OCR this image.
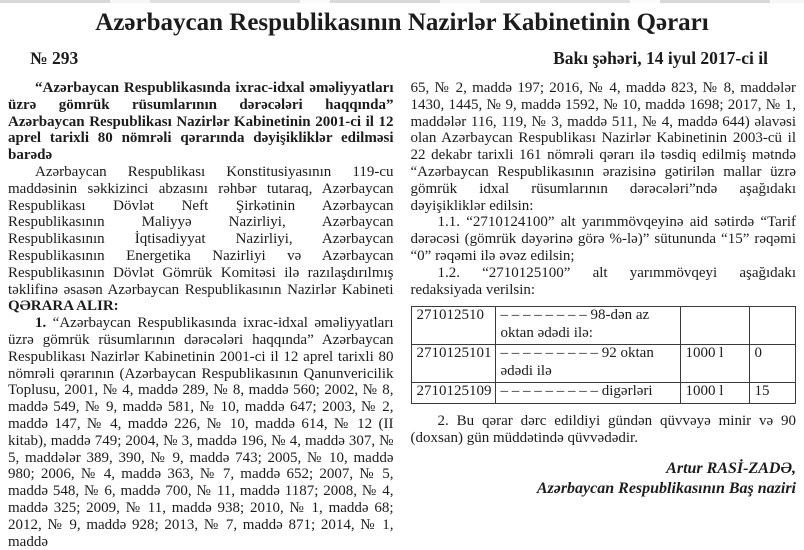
Azərbaycan Respublikasının Nazirlər Kabinetinin Qərarı
№ 293	Bakı şəhəri, 14 iyul 2017-ci il

“Azərbaycan Respublikasında ixrac-idxal əməliyyatları üzrə gömrük rüsumlarının dərəcələri haqqında” Azərbaycan Respublikası Nazirlər Kabinetinin 2001-ci il 12 aprel tarixli 80 nömrəli qərarında dəyişikliklər edilməsi barədə

Azərbaycan Respublikası Konstitusiyasının 119-cu maddəsinin səkkizinci abzasını rəhbər tutaraq, Azərbaycan Respublikası Dövlət Neft Şirkətinin Azərbaycan Respublikasının Maliyyə Nazirliyi, Azərbaycan Respublikasının İqtisadiyyat Nazirliyi, Azərbaycan Respublikasının Energetika Nazirliyi və Azərbaycan Respublikasının Dövlət Gömrük Komitəsi ilə razılaşdırılmış təklifinə əsasən Azərbaycan Respublikasının Nazirlər Kabineti QƏRARA ALIR:

1. “Azərbaycan Respublikasında ixrac-idxal əməliyyatları üzrə gömrük rüsumlarının dərəcələri haqqında” Azərbaycan Respublikası Nazirlər Kabinetinin 2001-ci il 12 aprel tarixli 80 nömrəli qərarının (Azərbaycan Respublikasının Qanunvericilik Toplusu, 2001, № 4, maddə 289, № 8, maddə 560; 2002, № 8, maddə 549, № 9, maddə 581, № 10, maddə 647; 2003, № 2, maddə 147, № 4, maddə 226, № 10, maddə 614, № 12 (II kitab), maddə 749; 2004, № 3, maddə 196, № 4, maddə 307, № 5, maddələr 389, 390, № 9, maddə 743; 2005, № 10, maddə 980; 2006, № 4, maddə 363, № 7, maddə 652; 2007, № 5, maddə 548, № 6, maddə 700, № 11, maddə 1187; 2008, № 4, maddə 325; 2009, № 11, maddə 938; 2010, № 1, maddə 68; 2012, № 9, maddə 928; 2013, № 7, maddə 871; 2014, № 1, maddə

65, № 2, maddə 197; 2016, № 4, maddə 823, № 8, maddələr 1430, 1445, № 9, maddə 1592, № 10, maddə 1698; 2017, № 1, maddələr 116, 119, № 3, maddə 511, № 4, maddə 644) əlavəsi olan Azərbaycan Respublikası Nazirlər Kabinetinin 2003-cü il 22 dekabr tarixli 161 nömrəli qərarı ilə təsdiq edilmiş mətndə “Azərbaycan Respublikasının ərazisinə gətirilən mallar üzrə gömrük idxal rüsumlarının dərəcələri”ndə aşağıdakı dəyişikliklər edilsin:

1.1. “2710124100” alt yarımmövqeyinə aid sətirdə “Tarif dərəcəsi (gömrük dəyərinə görə %-lə)” sütununda “15” rəqəmi “0” rəqəmi ilə əvəz edilsin;

1.2. “2710125100” alt yarımmövqeyi aşağıdakı redaksiyada verilsin:

271012510	– – – – – – – – 98-dən az oktan ədədi ilə:		
2710125101	– – – – – – – – – 92 oktan ədədi ilə	1000 l	0
2710125109	– – – – – – – – – digərləri	1000 l	15

2. Bu qərar dərc edildiyi gündən qüvvəyə minir və 90 (doxsan) gün müddətində qüvvədədir.

Artur RASİ-ZADƏ,
Azərbaycan Respublikasının Baş naziri
